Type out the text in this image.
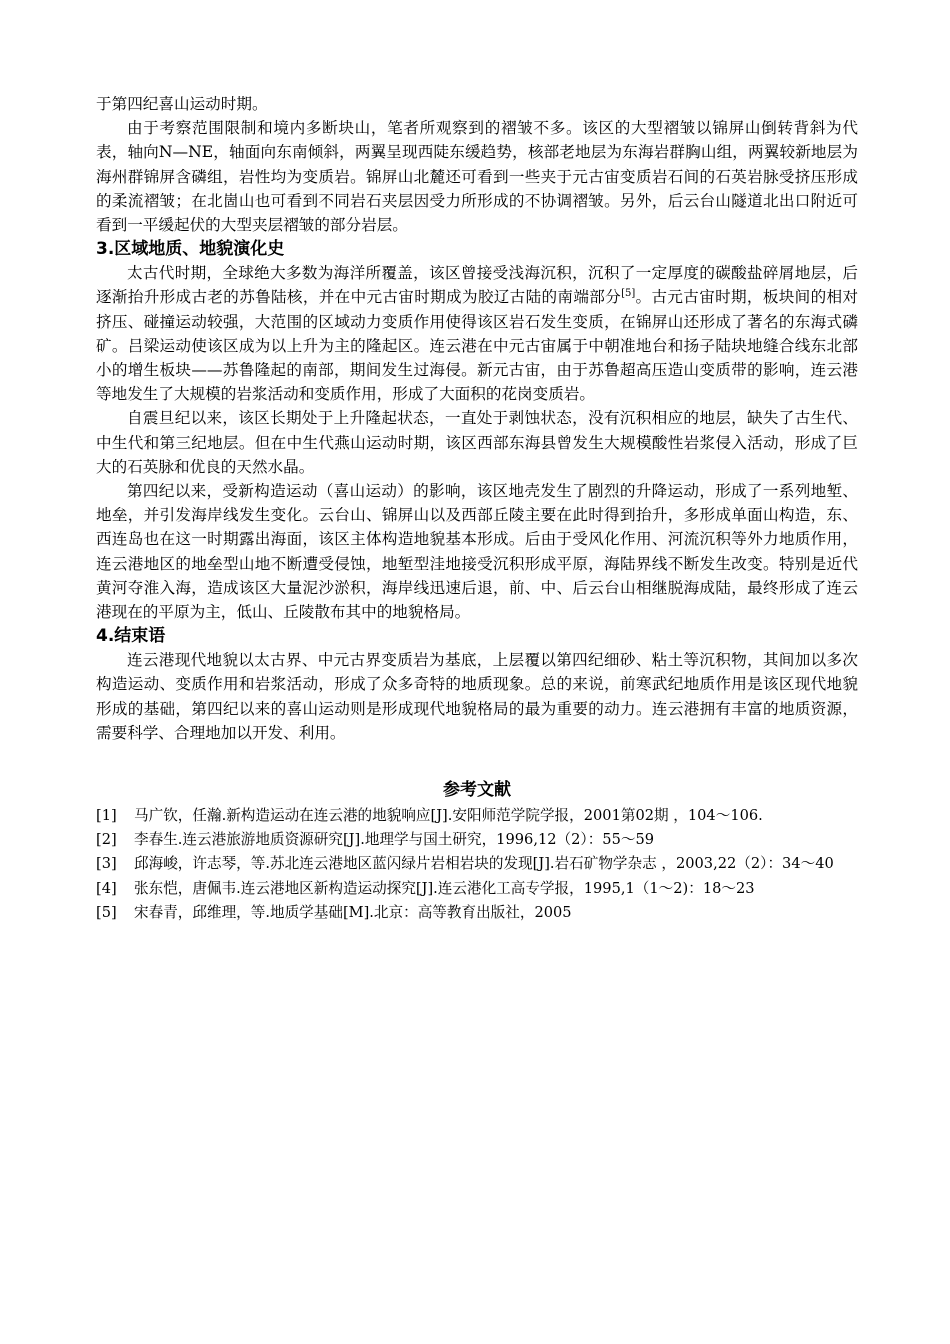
于第四纪喜山运动时期。

由于考察范围限制和境内多断块山，笔者所观察到的褶皱不多。该区的大型褶皱以锦屏山倒转背斜为代表，轴向N—NE，轴面向东南倾斜，两翼呈现西陡东缓趋势，核部老地层为东海岩群胸山组，两翼较新地层为海州群锦屏含磷组，岩性均为变质岩。锦屏山北麓还可看到一些夹于元古宙变质岩石间的石英岩脉受挤压形成的柔流褶皱；在北崮山也可看到不同岩石夹层因受力所形成的不协调褶皱。另外，后云台山隧道北出口附近可看到一平缓起伏的大型夹层褶皱的部分岩层。

3.区域地质、地貌演化史

太古代时期，全球绝大多数为海洋所覆盖，该区曾接受浅海沉积，沉积了一定厚度的碳酸盐碎屑地层，后逐渐抬升形成古老的苏鲁陆核，并在中元古宙时期成为胶辽古陆的南端部分[5]。古元古宙时期，板块间的相对挤压、碰撞运动较强，大范围的区域动力变质作用使得该区岩石发生变质，在锦屏山还形成了著名的东海式磷矿。吕梁运动使该区成为以上升为主的隆起区。连云港在中元古宙属于中朝准地台和扬子陆块地缝合线东北部小的增生板块——苏鲁隆起的南部，期间发生过海侵。新元古宙，由于苏鲁超高压造山变质带的影响，连云港等地发生了大规模的岩浆活动和变质作用，形成了大面积的花岗变质岩。

自震旦纪以来，该区长期处于上升隆起状态，一直处于剥蚀状态，没有沉积相应的地层，缺失了古生代、中生代和第三纪地层。但在中生代燕山运动时期，该区西部东海县曾发生大规模酸性岩浆侵入活动，形成了巨大的石英脉和优良的天然水晶。

第四纪以来，受新构造运动（喜山运动）的影响，该区地壳发生了剧烈的升降运动，形成了一系列地堑、地垒，并引发海岸线发生变化。云台山、锦屏山以及西部丘陵主要在此时得到抬升，多形成单面山构造，东、西连岛也在这一时期露出海面，该区主体构造地貌基本形成。后由于受风化作用、河流沉积等外力地质作用，连云港地区的地垒型山地不断遭受侵蚀，地堑型洼地接受沉积形成平原，海陆界线不断发生改变。特别是近代黄河夺淮入海，造成该区大量泥沙淤积，海岸线迅速后退，前、中、后云台山相继脱海成陆，最终形成了连云港现在的平原为主，低山、丘陵散布其中的地貌格局。

4.结束语

连云港现代地貌以太古界、中元古界变质岩为基底，上层覆以第四纪细砂、粘土等沉积物，其间加以多次构造运动、变质作用和岩浆活动，形成了众多奇特的地质现象。总的来说，前寒武纪地质作用是该区现代地貌形成的基础，第四纪以来的喜山运动则是形成现代地貌格局的最为重要的动力。连云港拥有丰富的地质资源，需要科学、合理地加以开发、利用。

参考文献
[1]	马广钦，任瀚.新构造运动在连云港的地貌响应[J].安阳师范学院学报，2001第02期 ，104～106.
[2]	李春生.连云港旅游地质资源研究[J].地理学与国土研究，1996,12（2）：55～59
[3]	邱海峻，许志琴，等.苏北连云港地区蓝闪绿片岩相岩块的发现[J].岩石矿物学杂志 ，2003,22（2）：34～40
[4]	张东恺，唐佩韦.连云港地区新构造运动探究[J].连云港化工高专学报，1995,1（1～2)：18～23
[5]	宋春青，邱维理，等.地质学基础[M].北京：高等教育出版社，2005
